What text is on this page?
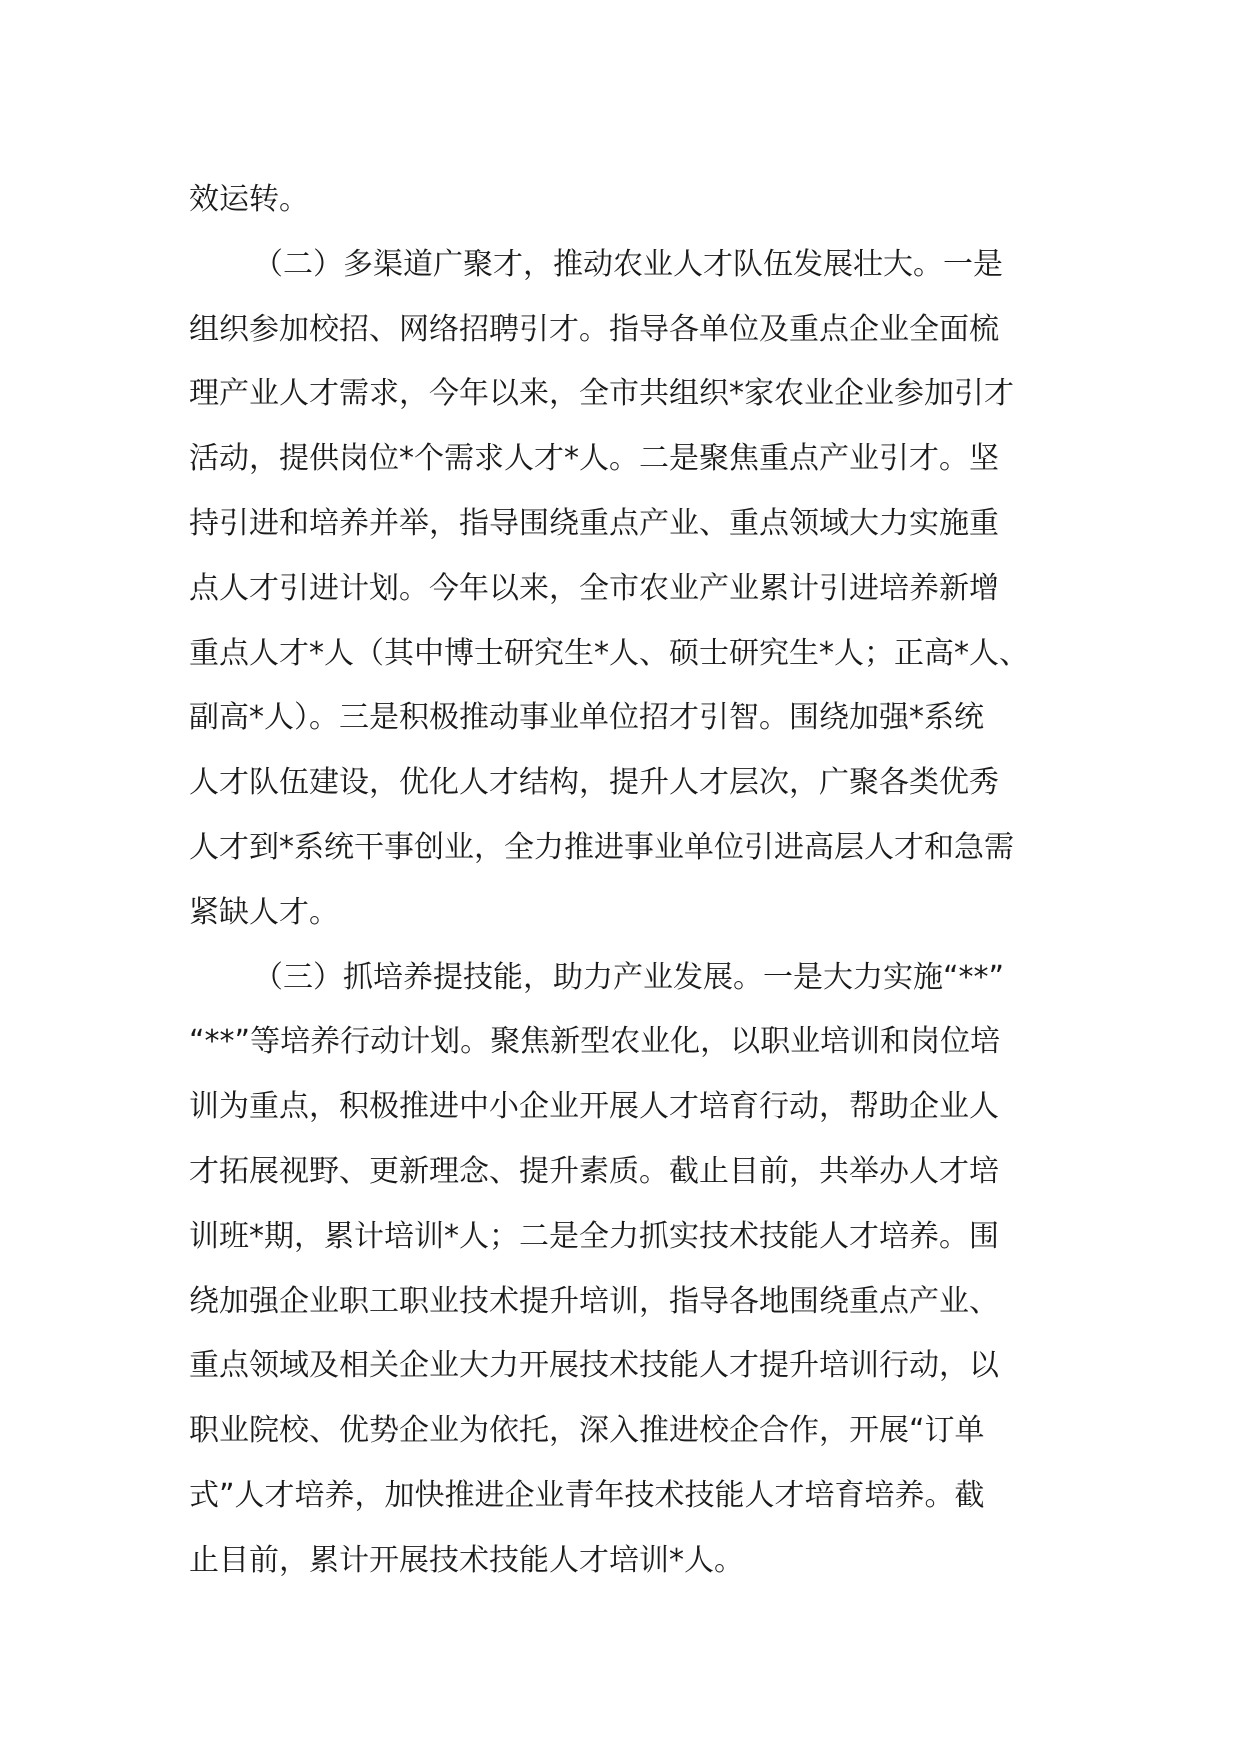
效运转。
（二）多渠道广聚才，推动农业人才队伍发展壮大。一是
组织参加校招、网络招聘引才。指导各单位及重点企业全面梳
理产业人才需求，今年以来，全市共组织*家农业企业参加引才
活动，提供岗位*个需求人才*人。二是聚焦重点产业引才。坚
持引进和培养并举，指导围绕重点产业、重点领域大力实施重
点人才引进计划。今年以来，全市农业产业累计引进培养新增
重点人才*人（其中博士研究生*人、硕士研究生*人；正高*人、
副高*人）。三是积极推动事业单位招才引智。围绕加强*系统
人才队伍建设，优化人才结构，提升人才层次，广聚各类优秀
人才到*系统干事创业，全力推进事业单位引进高层人才和急需
紧缺人才。
（三）抓培养提技能，助力产业发展。一是大力实施“**”
“**”等培养行动计划。聚焦新型农业化，以职业培训和岗位培
训为重点，积极推进中小企业开展人才培育行动，帮助企业人
才拓展视野、更新理念、提升素质。截止目前，共举办人才培
训班*期，累计培训*人；二是全力抓实技术技能人才培养。围
绕加强企业职工职业技术提升培训，指导各地围绕重点产业、
重点领域及相关企业大力开展技术技能人才提升培训行动，以
职业院校、优势企业为依托，深入推进校企合作，开展“订单
式”人才培养，加快推进企业青年技术技能人才培育培养。截
止目前，累计开展技术技能人才培训*人。
